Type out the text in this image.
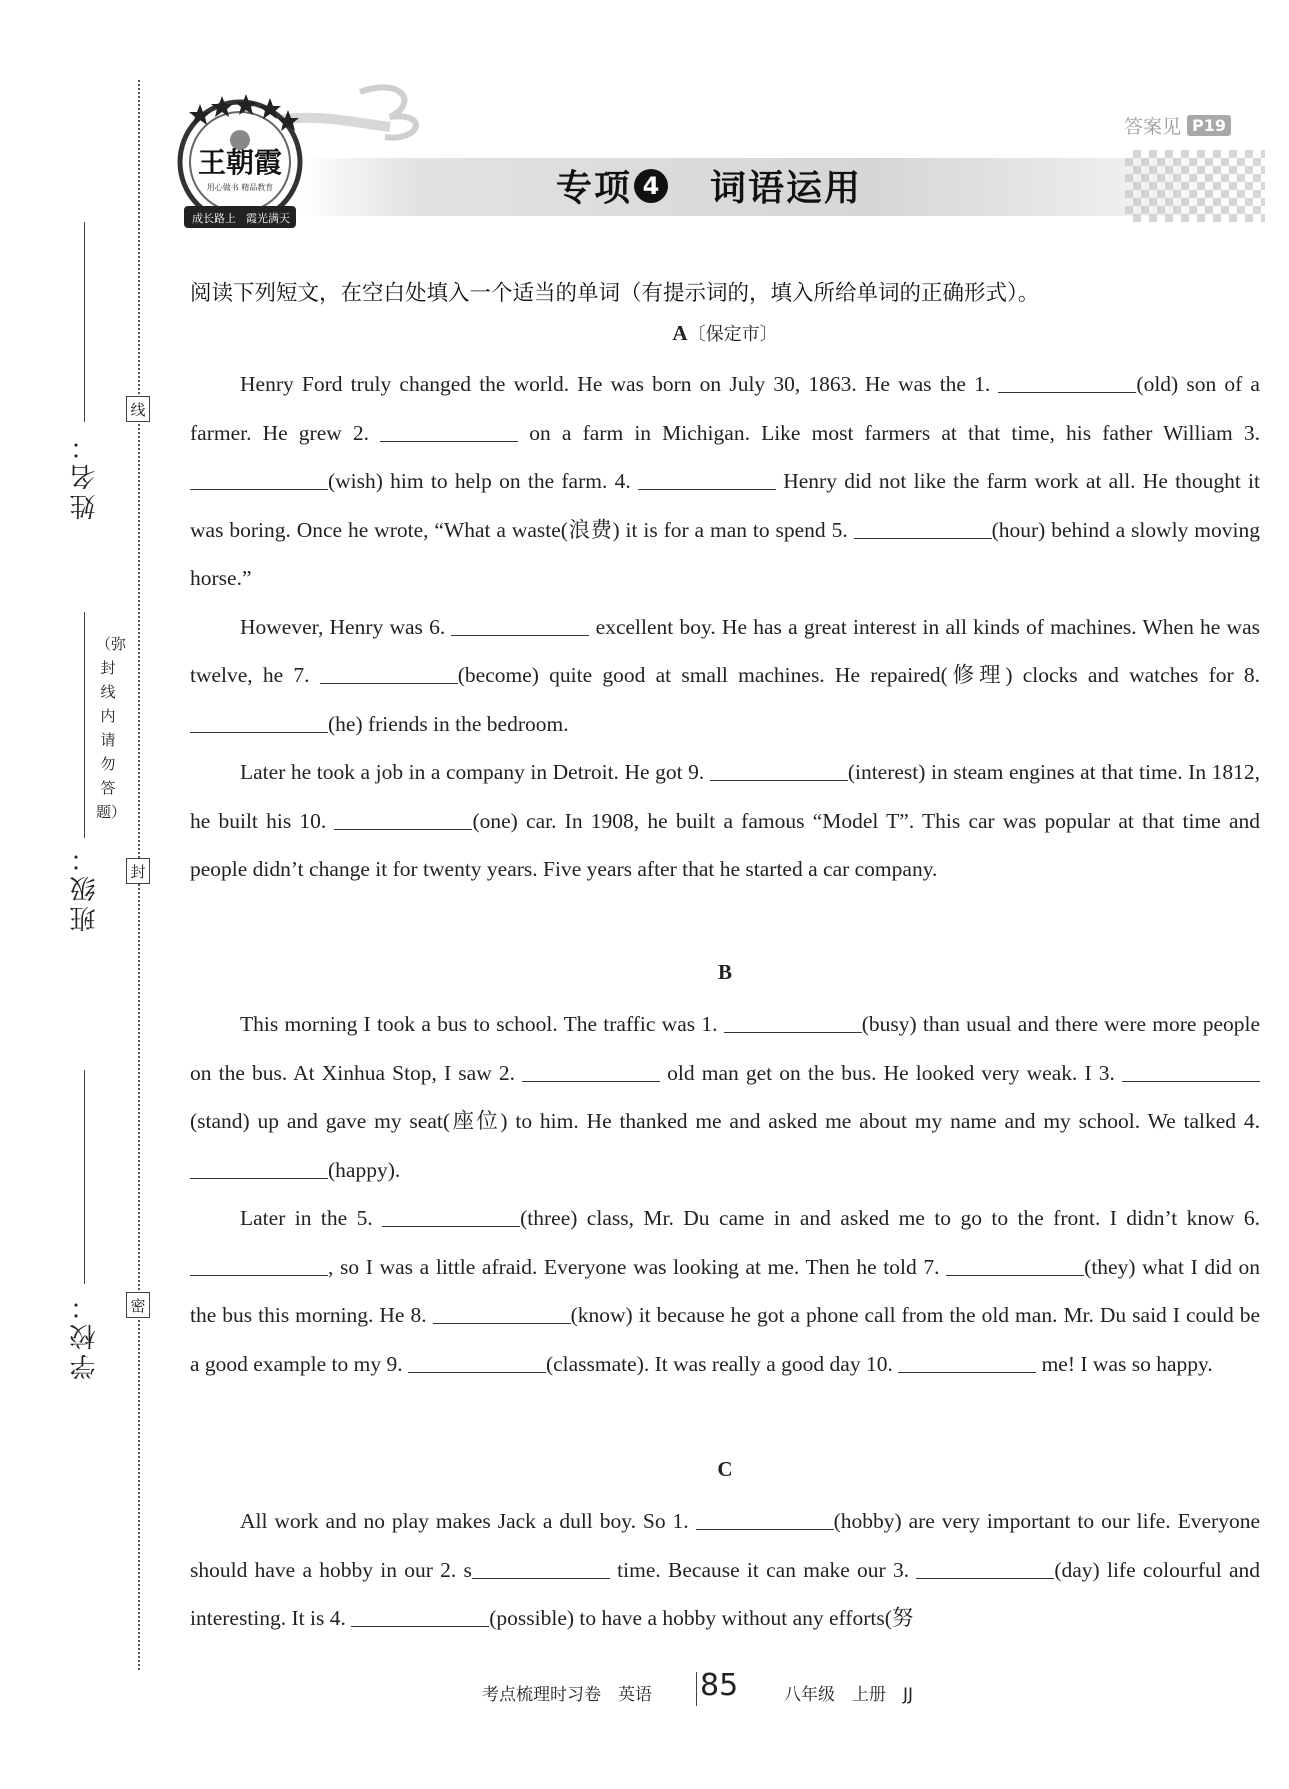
姓名：
班级：
学校：
线
封
密
（弥封线内请勿答题）
王朝霞
用心做书 精品教育
成长路上 霞光满天
专项 4 词语运用
答案见 P19
阅读下列短文，在空白处填入一个适当的单词（有提示词的，填入所给单词的正确形式）。
A〔保定市〕

Henry Ford truly changed the world. He was born on July 30, 1863. He was the 1.	(old) son of a farmer. He grew 2.	on a farm in Michigan. Like most farmers at that time, his father William 3. (wish) him to help on the farm. 4.	Henry did not like the farm work at all. He thought it was boring. Once he wrote, “What a waste(浪费) it is for a man to spend 5.	(hour) behind a slowly moving horse.”

However, Henry was 6.	excellent boy. He has a great interest in all kinds of machines. When he was twelve, he 7.	(become) quite good at small machines. He repaired(修理) clocks and watches for 8. (he) friends in the bedroom.

Later he took a job in a company in Detroit. He got 9.	(interest) in steam engines at that time. In 1812, he built his 10.	(one) car. In 1908, he built a famous “Model T”. This car was popular at that time and people didn’t change it for twenty years. Five years after that he started a car company.

B

This morning I took a bus to school. The traffic was 1.	(busy) than usual and there were more people on the bus. At Xinhua Stop, I saw 2.	old man get on the bus. He looked very weak. I 3. (stand) up and gave my seat(座位) to him. He thanked me and asked me about my name and my school. We talked 4. (happy).

Later in the 5.	(three) class, Mr. Du came in and asked me to go to the front. I didn’t know 6. , so I was a little afraid. Everyone was looking at me. Then he told 7.	(they) what I did on the bus this morning. He 8.	(know) it because he got a phone call from the old man. Mr. Du said I could be a good example to my 9.	(classmate). It was really a good day 10.	me! I was so happy.

C

All work and no play makes Jack a dull boy. So 1.	(hobby) are very important to our life. Everyone should have a hobby in our 2. s	time. Because it can make our 3.	(day) life colourful and interesting. It is 4.	(possible) to have a hobby without any efforts(努

考点梳理时习卷　英语 85	八年级　上册　JJ
